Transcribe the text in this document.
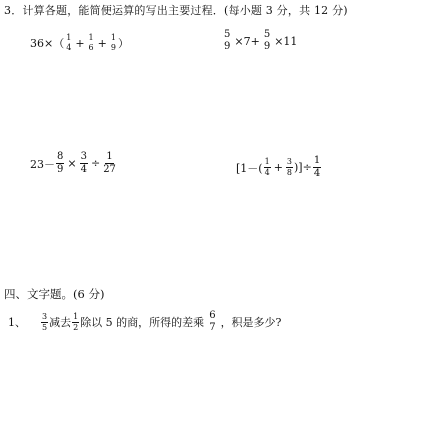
3．计算各题，能简便运算的写出主要过程．(每小题 3 分，共 12 分)
36×（ 1
4 + 1
6 + 1
9 ）
5
9 ×7+ 5
9 ×11
$23- \frac{8}{9} \times \frac{3}{4} \div \frac{1}{27}$	[$1-( \frac{1}{4} + \frac{3}{8}$ )]÷ $\frac{1}{4}$
四、文字题。(6 分)
1、 $\frac{3}{5}$ 减去 $\frac{1}{2}$ 除以 5 的商，所得的差乘
6
7 ，积是多少?
